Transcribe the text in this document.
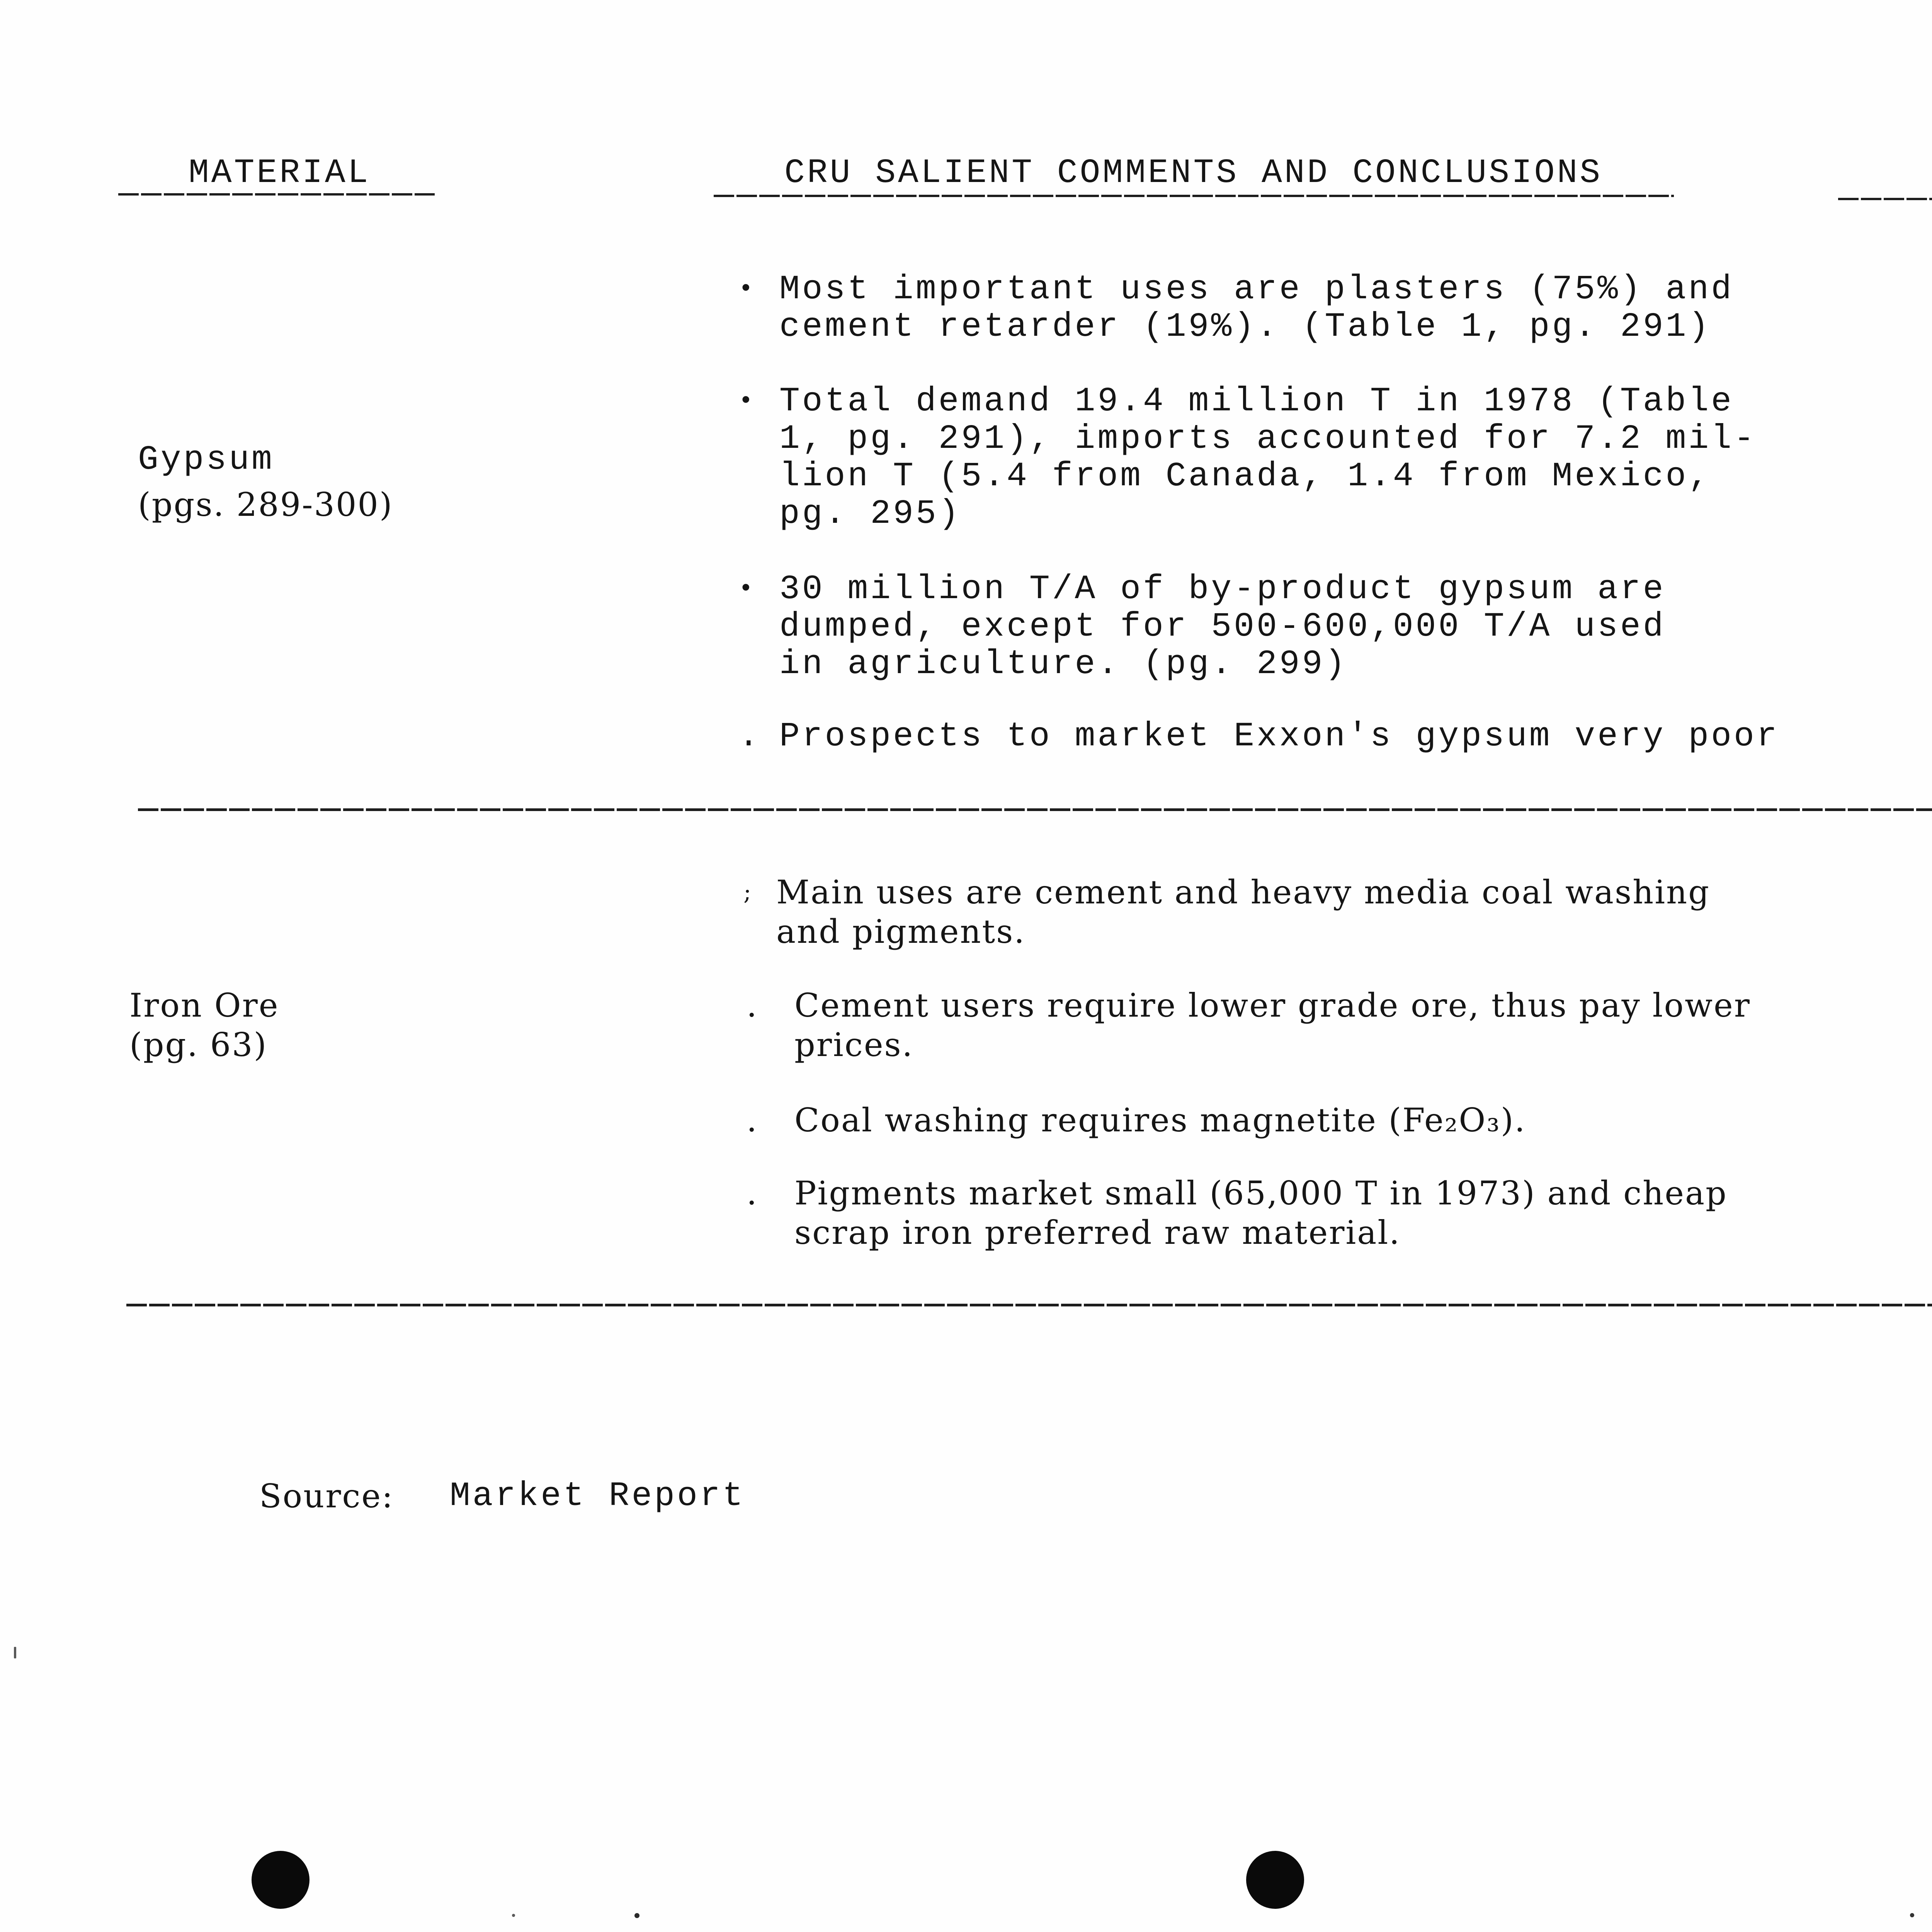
MATERIAL	CRU SALIENT COMMENTS AND CONCLUSIONS
Gypsum
(pgs. 289-300)
• Most important uses are plasters (75%) and
cement retarder (19%). (Table 1, pg. 291)
• Total demand 19.4 million T in 1978 (Table
1, pg. 291), imports accounted for 7.2 mil-
lion T (5.4 from Canada, 1.4 from Mexico,
pg. 295)
• 30 million T/A of by-product gypsum are
dumped, except for 500-600,000 T/A used
in agriculture. (pg. 299)
. Prospects to market Exxon's gypsum very poor
Iron Ore
(pg. 63)
; Main uses are cement and heavy media coal washing
and pigments.
. Cement users require lower grade ore, thus pay lower
prices.
. Coal washing requires magnetite (Fe₂O₃).
. Pigments market small (65,000 T in 1973) and cheap
scrap iron preferred raw material.
Source: Market Report
